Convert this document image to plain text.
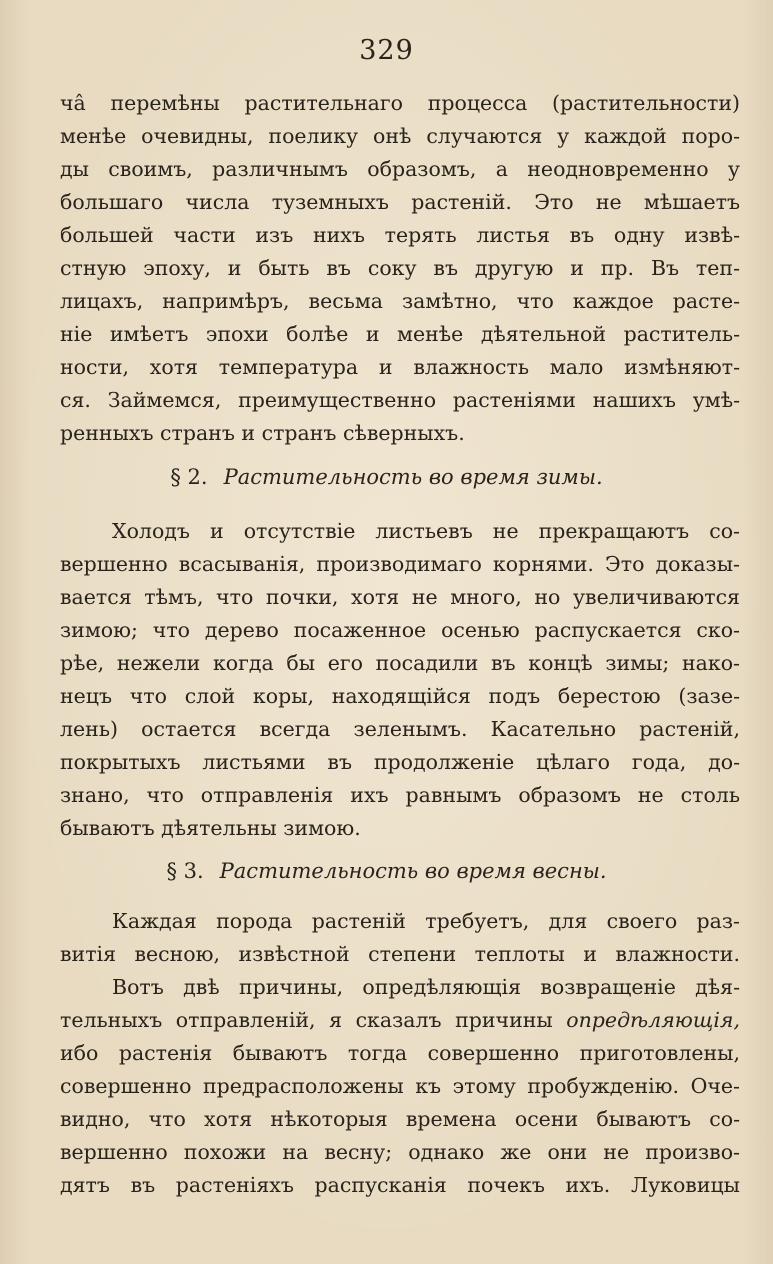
329
ча̂ перемѣны растительнаго процесса (растительности)
менѣе очевидны, поелику онѣ случаются у каждой поро-
ды своимъ, различнымъ образомъ, а неодновременно у
большаго числа туземныхъ растеній. Это не мѣшаетъ
большей части изъ нихъ терять листья въ одну извѣ-
стную эпоху, и быть въ соку въ другую и пр. Въ теп-
лицахъ, напримѣръ, весьма замѣтно, что каждое расте-
ніе имѣетъ эпохи болѣе и менѣе дѣятельной раститель-
ности, хотя температура и влажность мало измѣняют-
ся. Займемся, преимущественно растеніями нашихъ умѣ-
ренныхъ странъ и странъ сѣверныхъ.
§ 2. Растительность во время зимы.
Холодъ и отсутствіе листьевъ не прекращаютъ со-
вершенно всасыванія, производимаго корнями. Это доказы-
вается тѣмъ, что почки, хотя не много, но увеличиваются
зимою; что дерево посаженное осенью распускается ско-
рѣе, нежели когда бы его посадили въ концѣ зимы; нако-
нецъ что слой коры, находящійся подъ берестою (зазе-
лень) остается всегда зеленымъ. Касательно растеній,
покрытыхъ листьями въ продолженіе цѣлаго года, до-
знано, что отправленія ихъ равнымъ образомъ не столь
бываютъ дѣятельны зимою.
§ 3. Растительность во время весны.
Каждая порода растеній требуетъ, для своего раз-
витія весною, извѣстной степени теплоты и влажности.
Вотъ двѣ причины, опредѣляющія возвращеніе дѣя-
тельныхъ отправленій, я сказалъ причины опредѣляющія,
ибо растенія бываютъ тогда совершенно приготовлены,
совершенно предрасположены къ этому пробужденію. Оче-
видно, что хотя нѣкоторыя времена осени бываютъ со-
вершенно похожи на весну; однако же они не произво-
дятъ въ растеніяхъ распусканія почекъ ихъ. Луковицы
